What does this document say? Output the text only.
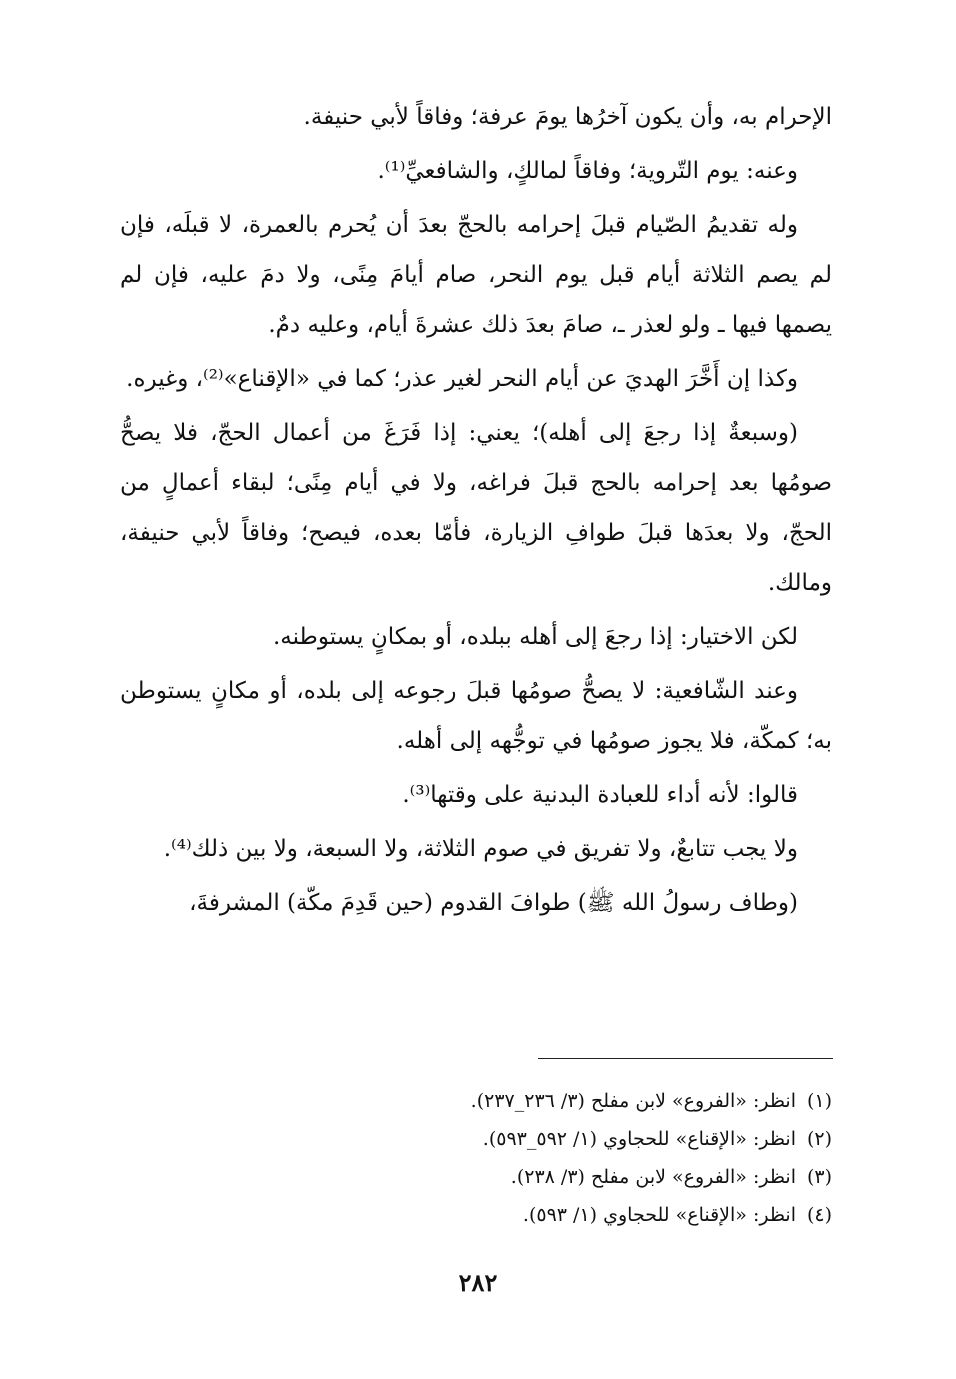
الإحرام به، وأن يكون آخرُها يومَ عرفة؛ وفاقاً لأبي حنيفة.

وعنه: يوم التّروية؛ وفاقاً لمالكٍ، والشافعيِّ⁽¹⁾.

وله تقديمُ الصّيام قبلَ إحرامه بالحجّ بعدَ أن يُحرم بالعمرة، لا قبلَه، فإن لم يصم الثلاثة أيام قبل يوم النحر، صام أيامَ مِنًى، ولا دمَ عليه، فإن لم يصمها فيها ـ ولو لعذر ـ، صامَ بعدَ ذلك عشرةَ أيام، وعليه دمٌ.

وكذا إن أَخَّرَ الهديَ عن أيام النحر لغير عذر؛ كما في «الإقناع»⁽²⁾، وغيره.

(وسبعةٌ إذا رجعَ إلى أهله)؛ يعني: إذا فَرَغَ من أعمال الحجّ، فلا يصحُّ صومُها بعد إحرامه بالحج قبلَ فراغه، ولا في أيام مِنًى؛ لبقاء أعمالٍ من الحجّ، ولا بعدَها قبلَ طوافِ الزيارة، فأمّا بعده، فيصح؛ وفاقاً لأبي حنيفة، ومالك.

لكن الاختيار: إذا رجعَ إلى أهله ببلده، أو بمكانٍ يستوطنه.

وعند الشّافعية: لا يصحُّ صومُها قبلَ رجوعه إلى بلده، أو مكانٍ يستوطن به؛ كمكّة، فلا يجوز صومُها في توجُّهه إلى أهله.

قالوا: لأنه أداء للعبادة البدنية على وقتها⁽³⁾.

ولا يجب تتابعٌ، ولا تفريق في صوم الثلاثة، ولا السبعة، ولا بين ذلك⁽⁴⁾.

(وطاف رسولُ الله ﷺ) طوافَ القدوم (حين قَدِمَ مكّة) المشرفةَ،

(١)
انظر: «الفروع» لابن مفلح (٣/ ٢٣٦_٢٣٧).
(٢)
انظر: «الإقناع» للحجاوي (١/ ٥٩٢_٥٩٣).
(٣)
انظر: «الفروع» لابن مفلح (٣/ ٢٣٨).
(٤)
انظر: «الإقناع» للحجاوي (١/ ٥٩٣).
٢٨٢
